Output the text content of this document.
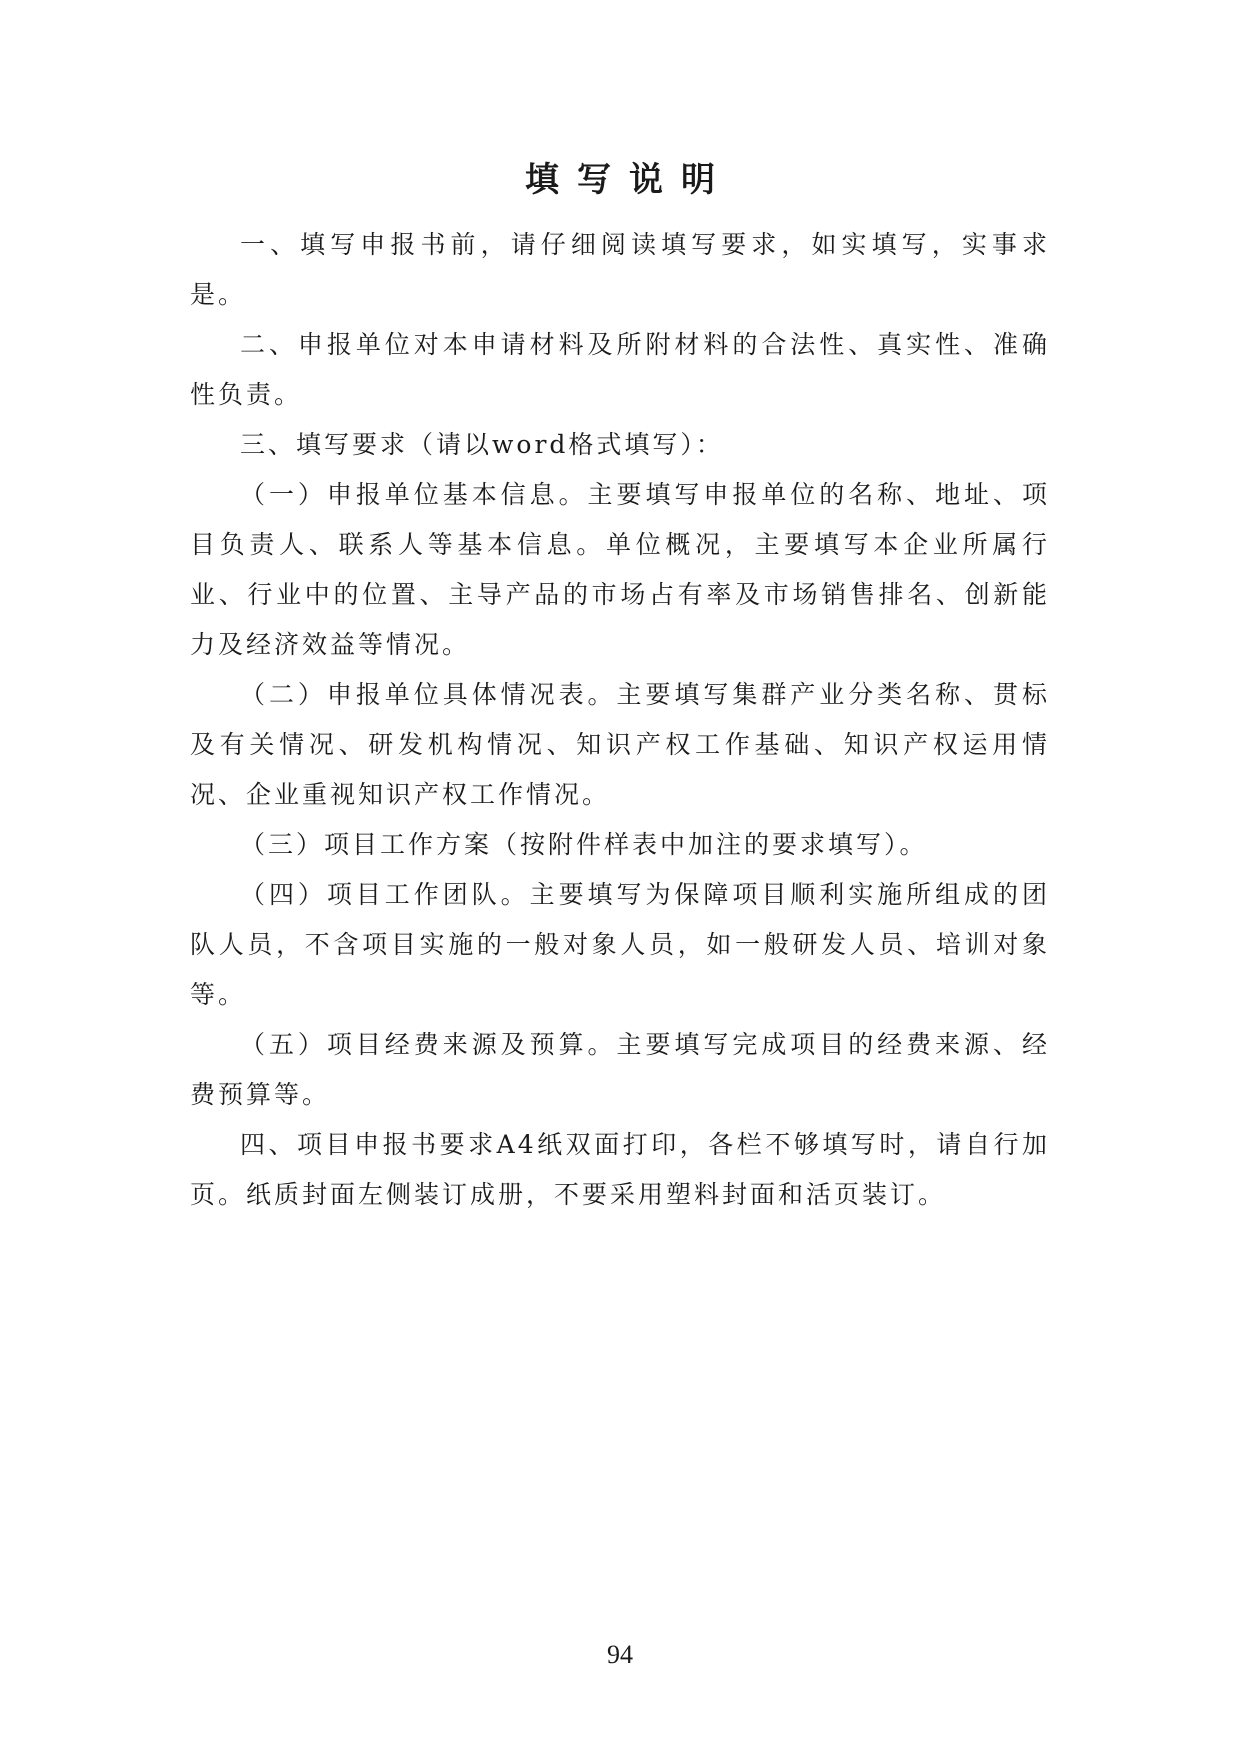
填写说明

一、填写申报书前，请仔细阅读填写要求，如实填写，实事求是。

二、申报单位对本申请材料及所附材料的合法性、真实性、准确性负责。

三、填写要求（请以word格式填写）：

（一）申报单位基本信息。主要填写申报单位的名称、地址、项目负责人、联系人等基本信息。单位概况，主要填写本企业所属行业、行业中的位置、主导产品的市场占有率及市场销售排名、创新能力及经济效益等情况。

（二）申报单位具体情况表。主要填写集群产业分类名称、贯标及有关情况、研发机构情况、知识产权工作基础、知识产权运用情况、企业重视知识产权工作情况。

（三）项目工作方案（按附件样表中加注的要求填写）。

（四）项目工作团队。主要填写为保障项目顺利实施所组成的团队人员，不含项目实施的一般对象人员，如一般研发人员、培训对象等。

（五）项目经费来源及预算。主要填写完成项目的经费来源、经费预算等。

四、项目申报书要求A4纸双面打印，各栏不够填写时，请自行加页。纸质封面左侧装订成册，不要采用塑料封面和活页装订。

94
